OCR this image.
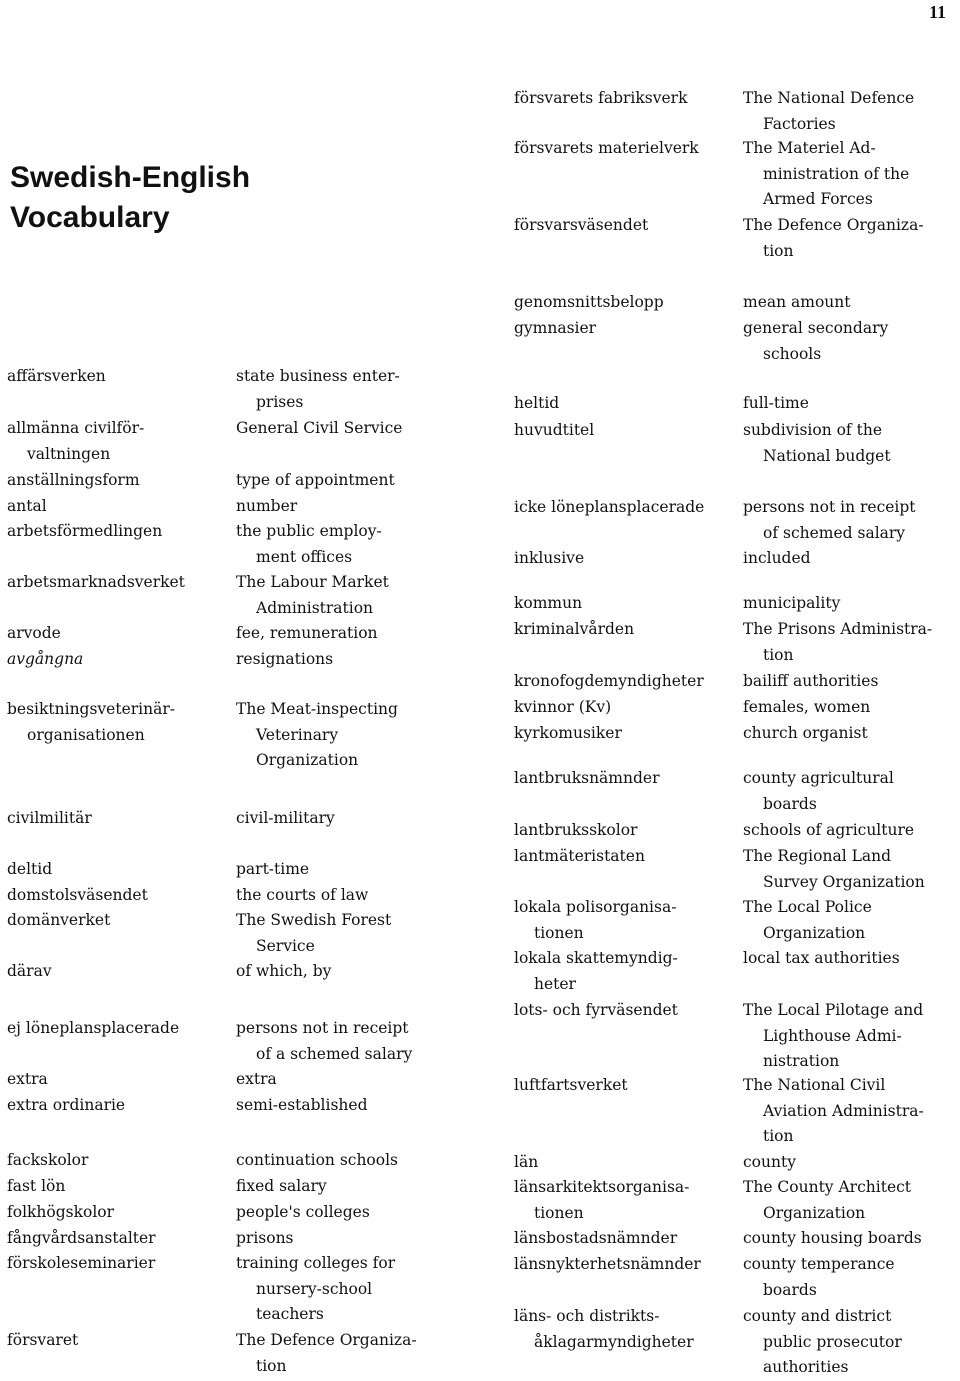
11
Swedish-English
Vocabulary
affärsverken
allmänna civilför-
valtningen
anställningsform
antal
arbetsförmedlingen
arbetsmarknadsverket
arvode
avgångna
besiktningsveterinär-
organisationen
civilmilitär
deltid
domstolsväsendet
domänverket
därav
ej löneplansplacerade
extra
extra ordinarie
fackskolor
fast lön
folkhögskolor
fångvårdsanstalter
förskoleseminarier
försvaret
state business enter-
prises
General Civil Service
type of appointment
number
the public employ-
ment offices
The Labour Market
Administration
fee, remuneration
resignations
The Meat-inspecting
Veterinary
Organization
civil-military
part-time
the courts of law
The Swedish Forest
Service
of which, by
persons not in receipt
of a schemed salary
extra
semi-established
continuation schools
fixed salary
people's colleges
prisons
training colleges for
nursery-school
teachers
The Defence Organiza-
tion
försvarets fabriksverk
försvarets materielverk
försvarsväsendet
genomsnittsbelopp
gymnasier
heltid
huvudtitel
icke löneplansplacerade
inklusive
kommun
kriminalvården
kronofogdemyndigheter
kvinnor (Kv)
kyrkomusiker
lantbruksnämnder
lantbruksskolor
lantmäteristaten
lokala polisorganisa-
tionen
lokala skattemyndig-
heter
lots- och fyrväsendet
luftfartsverket
län
länsarkitektsorganisa-
tionen
länsbostadsnämnder
länsnykterhetsnämnder
läns- och distrikts-
åklagarmyndigheter
The National Defence
Factories
The Materiel Ad-
ministration of the
Armed Forces
The Defence Organiza-
tion
mean amount
general secondary
schools
full-time
subdivision of the
National budget
persons not in receipt
of schemed salary
included
municipality
The Prisons Administra-
tion
bailiff authorities
females, women
church organist
county agricultural
boards
schools of agriculture
The Regional Land
Survey Organization
The Local Police
Organization
local tax authorities
The Local Pilotage and
Lighthouse Admi-
nistration
The National Civil
Aviation Administra-
tion
county
The County Architect
Organization
county housing boards
county temperance
boards
county and district
public prosecutor
authorities
